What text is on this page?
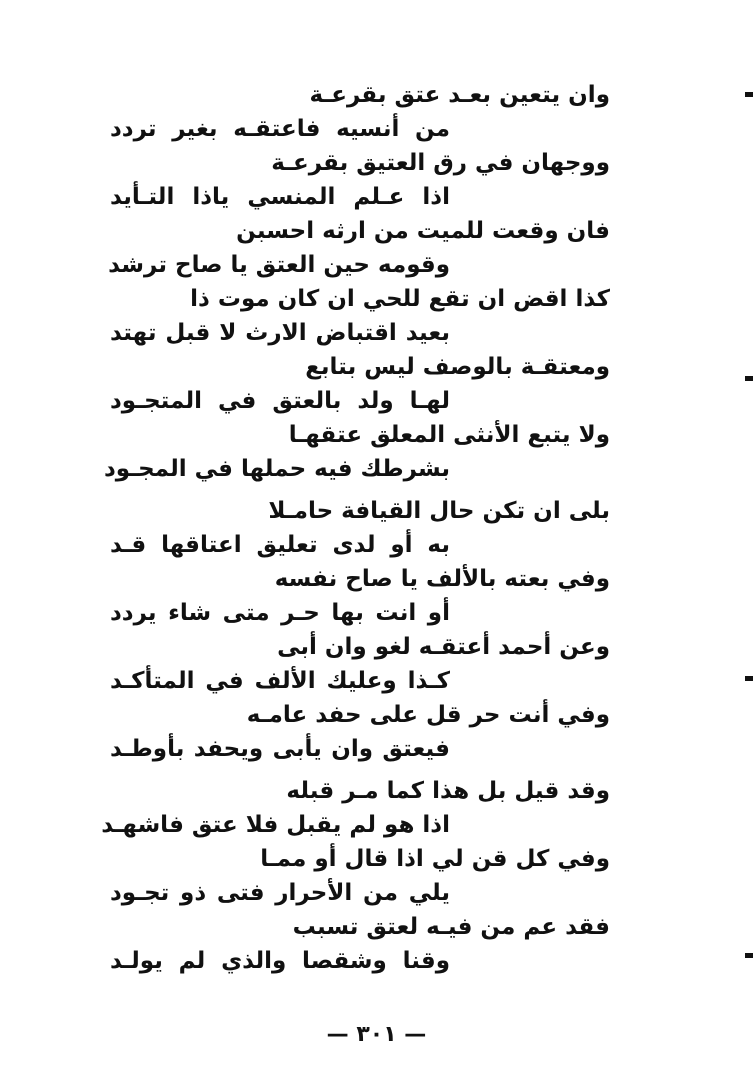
وان يتعين بعـد عتق بقرعـة
من أنسيه فاعتقـه بغير تردد
ووجهان في رق العتيق بقرعـة
اذا عـلم المنسي ياذا التـأيد
فان وقعت للميت من ارثه احسبن
وقومه حين العتق يا صاح ترشد
كذا اقض ان تقع للحي ان كان موت ذا
بعيد اقتباض الارث لا قبل تهتد
ومعتقـة بالوصف ليس بتابع
لهـا ولد بالعتق في المتجـود
ولا يتبع الأنثى المعلق عتقهـا
بشرطك فيه حملها في المجـود
بلى ان تكن حال القيافة حامـلا
به أو لدى تعليق اعتاقها قـد
وفي بعته بالألف يا صاح نفسه
أو انت بها حـر متى شاء يردد
وعن أحمد أعتقـه لغو وان أبى
كـذا وعليك الألف في المتأكـد
وفي أنت حر قل على حفد عامـه
فيعتق وان يأبى ويحفد بأوطـد
وقد قيل بل هذا كما مـر قبله
اذا هو لم يقبل فلا عتق فاشهـد
وفي كل قن لي اذا قال أو ممـا
يلي من الأحرار فتى ذو تجـود
فقد عم من فيـه لعتق تسبب
وقنا وشقصا والذي لم يولـد
— ٣٠١ —
